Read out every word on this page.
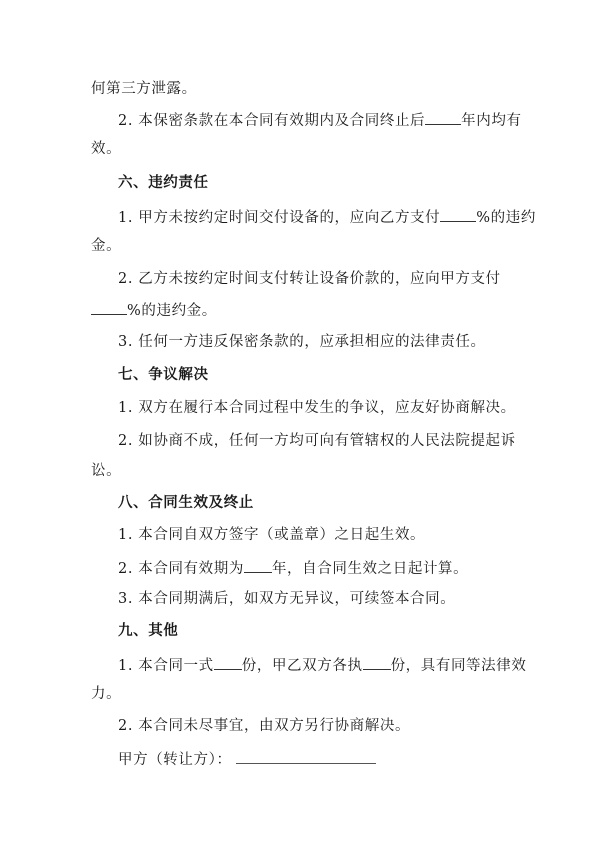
何第三方泄露。
2. 本保密条款在本合同有效期内及合同终止后 年内均有
效。
六、违约责任
1. 甲方未按约定时间交付设备的，应向乙方支付 %的违约
金。
2. 乙方未按约定时间支付转让设备价款的，应向甲方支付
%的违约金。
3. 任何一方违反保密条款的，应承担相应的法律责任。
七、争议解决
1. 双方在履行本合同过程中发生的争议，应友好协商解决。
2. 如协商不成，任何一方均可向有管辖权的人民法院提起诉
讼。
八、合同生效及终止
1. 本合同自双方签字（或盖章）之日起生效。
2. 本合同有效期为 年，自合同生效之日起计算。
3. 本合同期满后，如双方无异议，可续签本合同。
九、其他
1. 本合同一式 份，甲乙双方各执 份，具有同等法律效
力。
2. 本合同未尽事宜，由双方另行协商解决。
甲方（转让方）：
